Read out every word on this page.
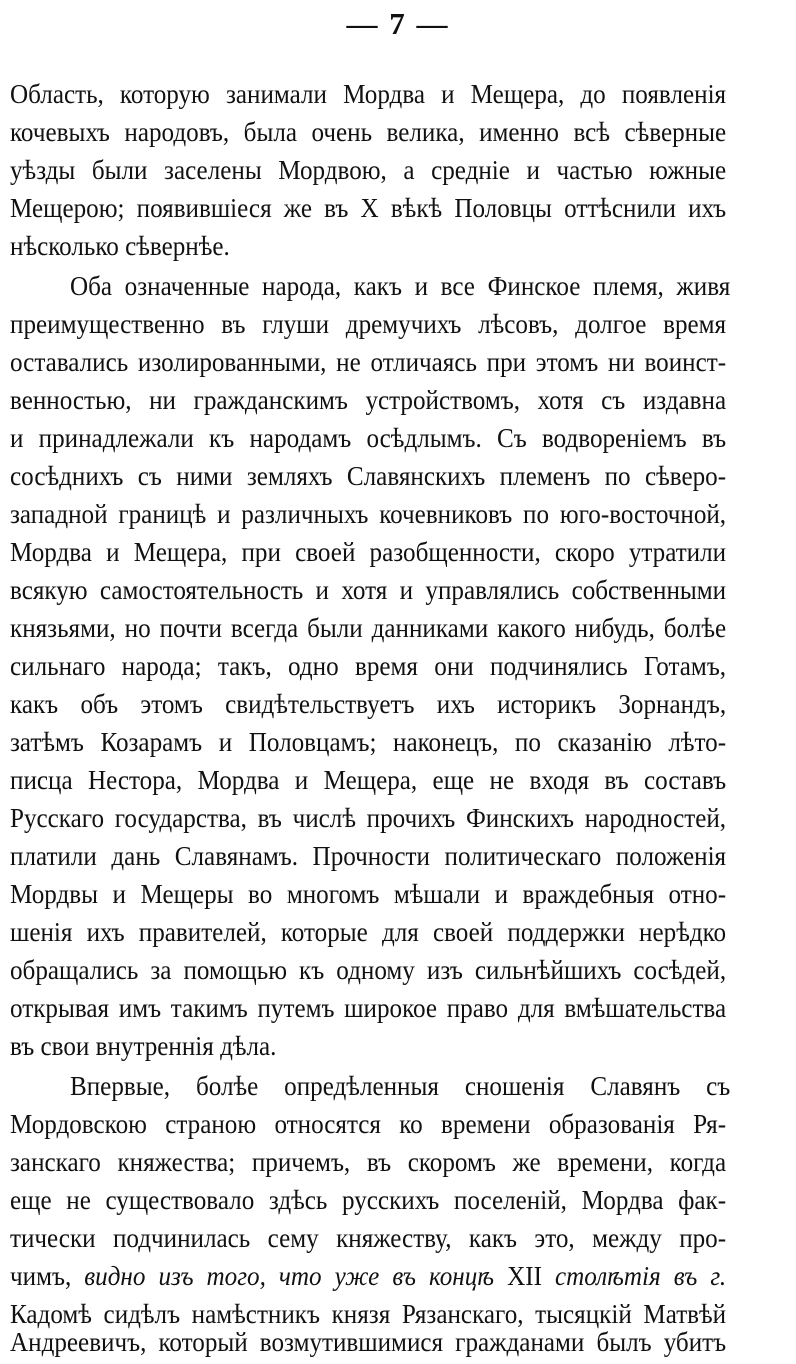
— 7 —
Область, которую занимали Мордва и Мещера, до появленія
кочевыхъ народовъ, была очень велика, именно всѣ сѣверные
уѣзды были заселены Мордвою, а средніе и частью южные
Мещерою; появившіеся же въ X вѣкѣ Половцы оттѣснили ихъ
нѣсколько сѣвернѣе.
Оба означенные народа, какъ и все Финское племя, живя
преимущественно въ глуши дремучихъ лѣсовъ, долгое время
оставались изолированными, не отличаясь при этомъ ни воинст-
венностью, ни гражданскимъ устройствомъ, хотя съ издавна
и принадлежали къ народамъ осѣдлымъ. Съ водвореніемъ въ
сосѣднихъ съ ними земляхъ Славянскихъ племенъ по сѣверо-
западной границѣ и различныхъ кочевниковъ по юго-восточной,
Мордва и Мещера, при своей разобщенности, скоро утратили
всякую самостоятельность и хотя и управлялись собственными
князьями, но почти всегда были данниками какого нибудь, болѣе
сильнаго народа; такъ, одно время они подчинялись Готамъ,
какъ объ этомъ свидѣтельствуетъ ихъ историкъ Зорнандъ,
затѣмъ Козарамъ и Половцамъ; наконецъ, по сказанію лѣто-
писца Нестора, Мордва и Мещера, еще не входя въ составъ
Русскаго государства, въ числѣ прочихъ Финскихъ народностей,
платили дань Славянамъ. Прочности политическаго положенія
Мордвы и Мещеры во многомъ мѣшали и враждебныя отно-
шенія ихъ правителей, которые для своей поддержки нерѣдко
обращались за помощью къ одному изъ сильнѣйшихъ сосѣдей,
открывая имъ такимъ путемъ широкое право для вмѣшательства
въ свои внутреннія дѣла.
Впервые, болѣе опредѣленныя сношенія Славянъ съ
Мордовскою страною относятся ко времени образованія Ря-
занскаго княжества; причемъ, въ скоромъ же времени, когда
еще не существовало здѣсь русскихъ поселеній, Мордва фак-
тически подчинилась сему княжеству, какъ это, между про-
чимъ, видно изъ того, что уже въ концѣ XII столѣтія въ г.
Кадомѣ сидѣлъ намѣстникъ князя Рязанскаго, тысяцкій Матвѣй
Андреевичъ, который возмутившимися гражданами былъ убитъ
